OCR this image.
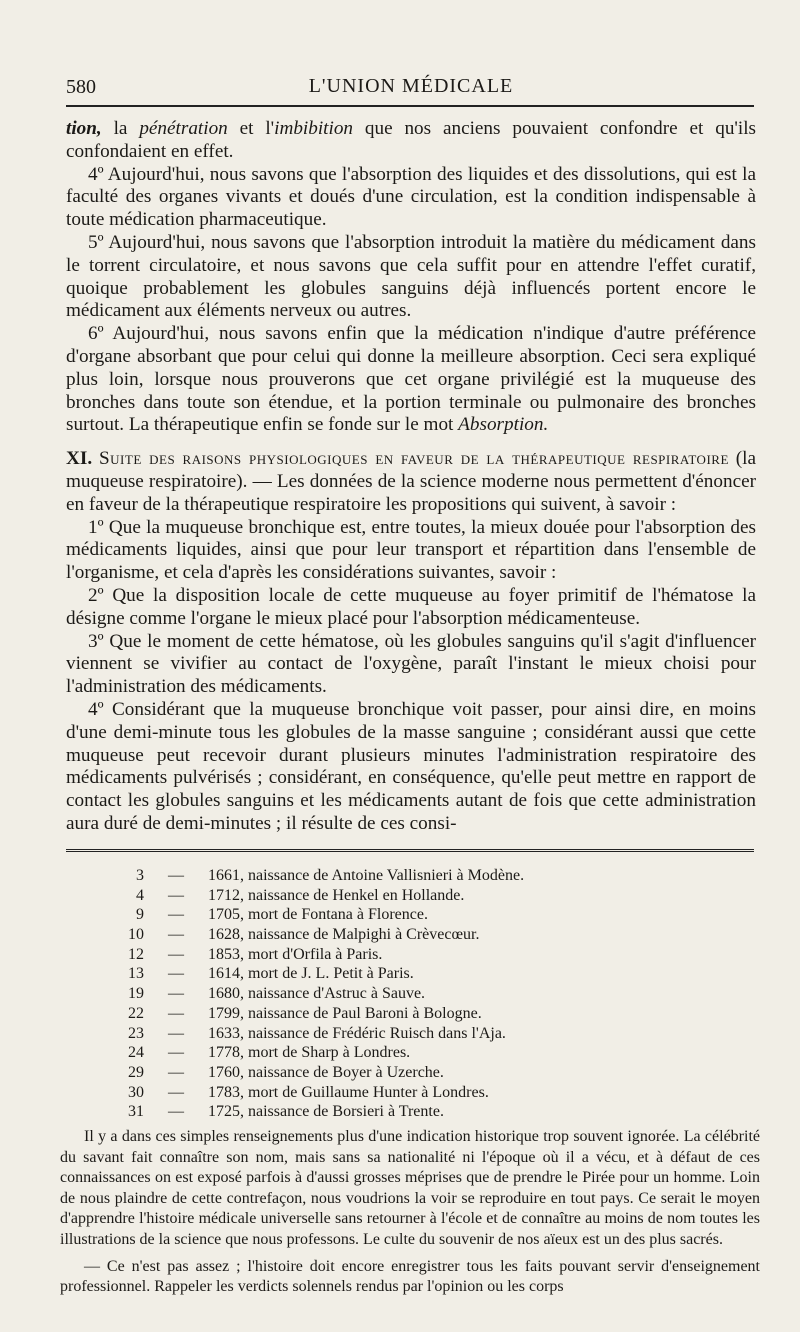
580	L'UNION MÉDICALE

tion, la pénétration et l'imbibition que nos anciens pouvaient confondre et qu'ils confondaient en effet.

4º Aujourd'hui, nous savons que l'absorption des liquides et des dissolutions, qui est la faculté des organes vivants et doués d'une circulation, est la condition indispensable à toute médication pharmaceutique.

5º Aujourd'hui, nous savons que l'absorption introduit la matière du médicament dans le torrent circulatoire, et nous savons que cela suffit pour en attendre l'effet curatif, quoique probablement les globules sanguins déjà influencés portent encore le médicament aux éléments nerveux ou autres.

6º Aujourd'hui, nous savons enfin que la médication n'indique d'autre préférence d'organe absorbant que pour celui qui donne la meilleure absorption. Ceci sera expliqué plus loin, lorsque nous prouverons que cet organe privilégié est la muqueuse des bronches dans toute son étendue, et la portion terminale ou pulmonaire des bronches surtout. La thérapeutique enfin se fonde sur le mot Absorption.

XI. Suite des raisons physiologiques en faveur de la thérapeutique respiratoire (la muqueuse respiratoire). — Les données de la science moderne nous permettent d'énoncer en faveur de la thérapeutique respiratoire les propositions qui suivent, à savoir :

1º Que la muqueuse bronchique est, entre toutes, la mieux douée pour l'absorption des médicaments liquides, ainsi que pour leur transport et répartition dans l'ensemble de l'organisme, et cela d'après les considérations suivantes, savoir :

2º Que la disposition locale de cette muqueuse au foyer primitif de l'hématose la désigne comme l'organe le mieux placé pour l'absorption médicamenteuse.

3º Que le moment de cette hématose, où les globules sanguins qu'il s'agit d'influencer viennent se vivifier au contact de l'oxygène, paraît l'instant le mieux choisi pour l'administration des médicaments.

4º Considérant que la muqueuse bronchique voit passer, pour ainsi dire, en moins d'une demi-minute tous les globules de la masse sanguine ; considérant aussi que cette muqueuse peut recevoir durant plusieurs minutes l'administration respiratoire des médicaments pulvérisés ; considérant, en conséquence, qu'elle peut mettre en rapport de contact les globules sanguins et les médicaments autant de fois que cette administration aura duré de demi-minutes ; il résulte de ces consi-

3	—	1661, naissance de Antoine Vallisnieri à Modène.
4	—	1712, naissance de Henkel en Hollande.
9	—	1705, mort de Fontana à Florence.
10	—	1628, naissance de Malpighi à Crèvecœur.
12	—	1853, mort d'Orfila à Paris.
13	—	1614, mort de J. L. Petit à Paris.
19	—	1680, naissance d'Astruc à Sauve.
22	—	1799, naissance de Paul Baroni à Bologne.
23	—	1633, naissance de Frédéric Ruisch dans l'Aja.
24	—	1778, mort de Sharp à Londres.
29	—	1760, naissance de Boyer à Uzerche.
30	—	1783, mort de Guillaume Hunter à Londres.
31	—	1725, naissance de Borsieri à Trente.

Il y a dans ces simples renseignements plus d'une indication historique trop souvent ignorée. La célébrité du savant fait connaître son nom, mais sans sa nationalité ni l'époque où il a vécu, et à défaut de ces connaissances on est exposé parfois à d'aussi grosses méprises que de prendre le Pirée pour un homme. Loin de nous plaindre de cette contrefaçon, nous voudrions la voir se reproduire en tout pays. Ce serait le moyen d'apprendre l'histoire médicale universelle sans retourner à l'école et de connaître au moins de nom toutes les illustrations de la science que nous professons. Le culte du souvenir de nos aïeux est un des plus sacrés.

— Ce n'est pas assez ; l'histoire doit encore enregistrer tous les faits pouvant servir d'enseignement professionnel. Rappeler les verdicts solennels rendus par l'opinion ou les corps
